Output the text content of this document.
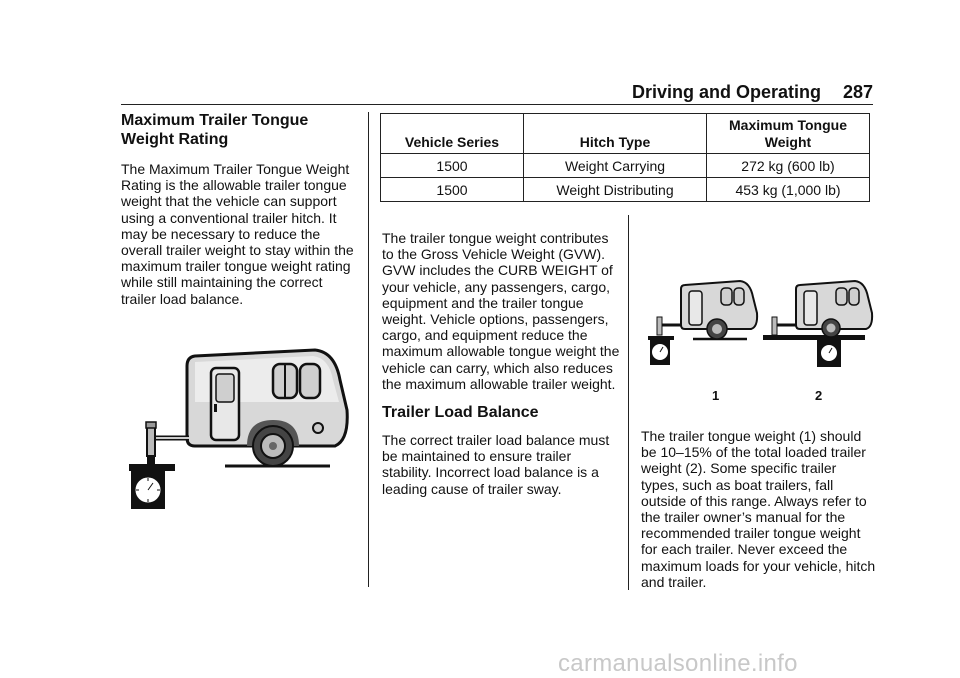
Driving and Operating 287
Maximum Trailer Tongue Weight Rating

The Maximum Trailer Tongue Weight Rating is the allowable trailer tongue weight that the vehicle can support using a conventional trailer hitch. It may be necessary to reduce the overall trailer weight to stay within the maximum trailer tongue weight rating while still maintaining the correct trailer load balance.

Vehicle Series	Hitch Type	Maximum Tongue Weight
1500	Weight Carrying	272 kg (600 lb)
1500	Weight Distributing	453 kg (1,000 lb)

The trailer tongue weight contributes to the Gross Vehicle Weight (GVW). GVW includes the CURB WEIGHT of your vehicle, any passengers, cargo, equipment and the trailer tongue weight. Vehicle options, passengers, cargo, and equipment reduce the maximum allowable tongue weight the vehicle can carry, which also reduces the maximum allowable trailer weight.

Trailer Load Balance

The correct trailer load balance must be maintained to ensure trailer stability. Incorrect load balance is a leading cause of trailer sway.

1	2

The trailer tongue weight (1) should be 10–15% of the total loaded trailer weight (2). Some specific trailer types, such as boat trailers, fall outside of this range. Always refer to the trailer owner’s manual for the recommended trailer tongue weight for each trailer. Never exceed the maximum loads for your vehicle, hitch and trailer.

carmanualsonline.info
